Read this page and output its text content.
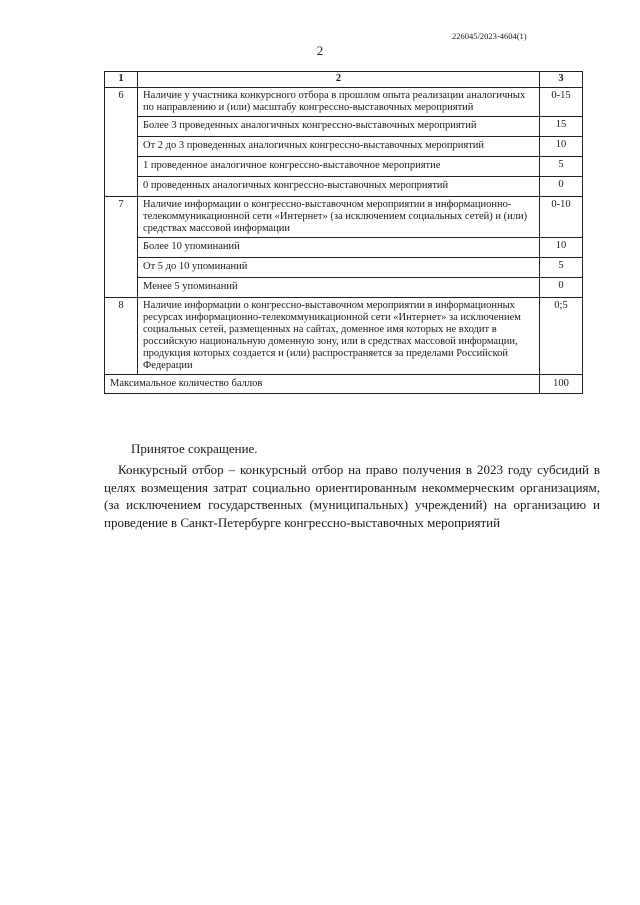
226045/2023-4604(1)
2
1	2	3
6	Наличие у участника конкурсного отбора в прошлом опыта реализации аналогичных по направлению и (или) масштабу конгрессно-выставочных мероприятий	0-15
	Более 3 проведенных аналогичных конгрессно-выставочных мероприятий	15
	От 2 до 3 проведенных аналогичных конгрессно-выставочных мероприятий	10
	1 проведенное аналогичное конгрессно-выставочное мероприятие	5
	0 проведенных аналогичных конгрессно-выставочных мероприятий	0
7	Наличие информации о конгрессно-выставочном мероприятии в информационно-телекоммуникационной сети «Интернет» (за исключением социальных сетей) и (или) средствах массовой информации	0-10
	Более 10 упоминаний	10
	От 5 до 10 упоминаний	5
	Менее 5 упоминаний	0
8	Наличие информации о конгрессно-выставочном мероприятии в информационных ресурсах информационно-телекоммуникационной сети «Интернет» за исключением социальных сетей, размещенных на сайтах, доменное имя которых не входит в российскую национальную доменную зону, или в средствах массовой информации, продукция которых создается и (или) распространяется за пределами Российской Федерации	0;5
Максимальное количество баллов		100
Принятое сокращение.
Конкурсный отбор – конкурсный отбор на право получения в 2023 году субсидий в целях возмещения затрат социально ориентированным некоммерческим организациям, (за исключением государственных (муниципальных) учреждений) на организацию и проведение в Санкт-Петербурге конгрессно-выставочных мероприятий
